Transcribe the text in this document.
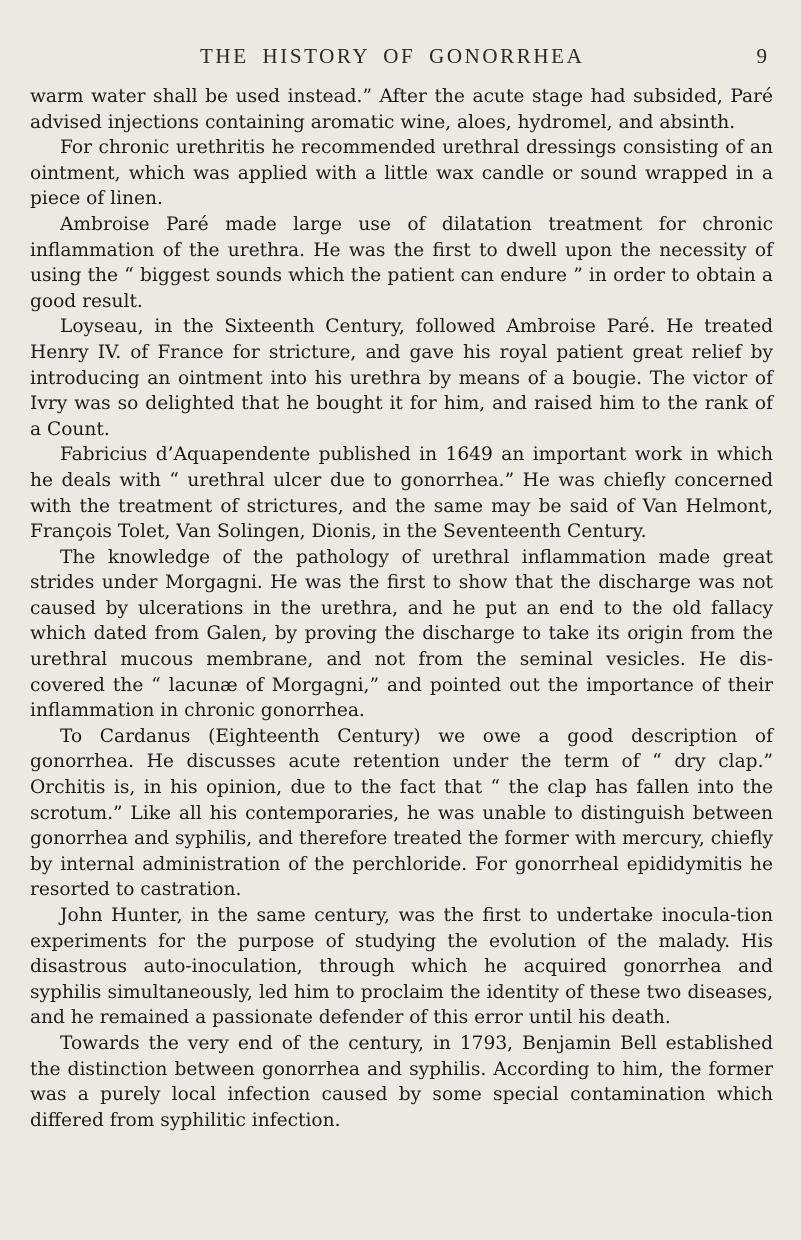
THE HISTORY OF GONORRHEA	9

warm water shall be used instead.” After the acute stage had subsided, Paré advised injections containing aromatic wine, aloes, hydromel, and absinth.

For chronic urethritis he recommended urethral dressings consisting of an ointment, which was applied with a little wax candle or sound wrapped in a piece of linen.

Ambroise Paré made large use of dilatation treatment for chronic inflammation of the urethra. He was the first to dwell upon the necessity of using the “ biggest sounds which the patient can endure ” in order to obtain a good result.

Loyseau, in the Sixteenth Century, followed Ambroise Paré. He treated Henry IV. of France for stricture, and gave his royal patient great relief by introducing an ointment into his urethra by means of a bougie. The victor of Ivry was so delighted that he bought it for him, and raised him to the rank of a Count.

Fabricius d’Aquapendente published in 1649 an important work in which he deals with “ urethral ulcer due to gonorrhea.” He was chiefly concerned with the treatment of strictures, and the same may be said of Van Helmont, François Tolet, Van Solingen, Dionis, in the Seventeenth Century.

The knowledge of the pathology of urethral inflammation made great strides under Morgagni. He was the first to show that the discharge was not caused by ulcerations in the urethra, and he put an end to the old fallacy which dated from Galen, by proving the discharge to take its origin from the urethral mucous membrane, and not from the seminal vesicles. He dis-covered the “ lacunæ of Morgagni,” and pointed out the importance of their inflammation in chronic gonorrhea.

To Cardanus (Eighteenth Century) we owe a good description of gonorrhea. He discusses acute retention under the term of “ dry clap.” Orchitis is, in his opinion, due to the fact that “ the clap has fallen into the scrotum.” Like all his contemporaries, he was unable to distinguish between gonorrhea and syphilis, and therefore treated the former with mercury, chiefly by internal administration of the perchloride. For gonorrheal epididymitis he resorted to castration.

John Hunter, in the same century, was the first to undertake inocula-tion experiments for the purpose of studying the evolution of the malady. His disastrous auto-inoculation, through which he acquired gonorrhea and syphilis simultaneously, led him to proclaim the identity of these two diseases, and he remained a passionate defender of this error until his death.

Towards the very end of the century, in 1793, Benjamin Bell established the distinction between gonorrhea and syphilis. According to him, the former was a purely local infection caused by some special contamination which differed from syphilitic infection.
